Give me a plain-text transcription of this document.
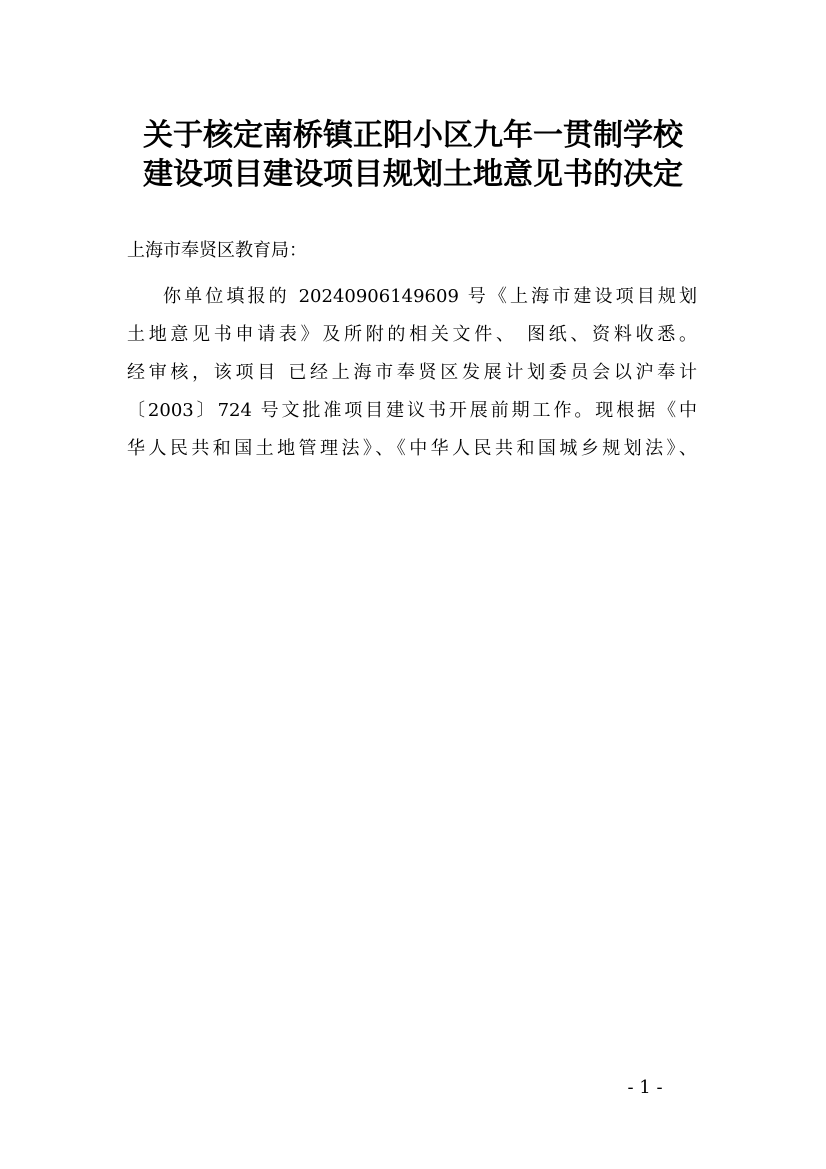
关于核定南桥镇正阳小区九年一贯制学校
建设项目建设项目规划土地意见书的决定
上海市奉贤区教育局：
你单位填报的 20240906149609 号《上海市建设项目规划
土地意见书申请表》及所附的相关文件、 图纸、资料收悉。
经审核，该项目 已经上海市奉贤区发展计划委员会以沪奉计
〔2003〕724 号文批准项目建议书开展前期工作。现根据《中
华人民共和国土地管理法》、《中华人民共和国城乡规划法》、
- 1 -
